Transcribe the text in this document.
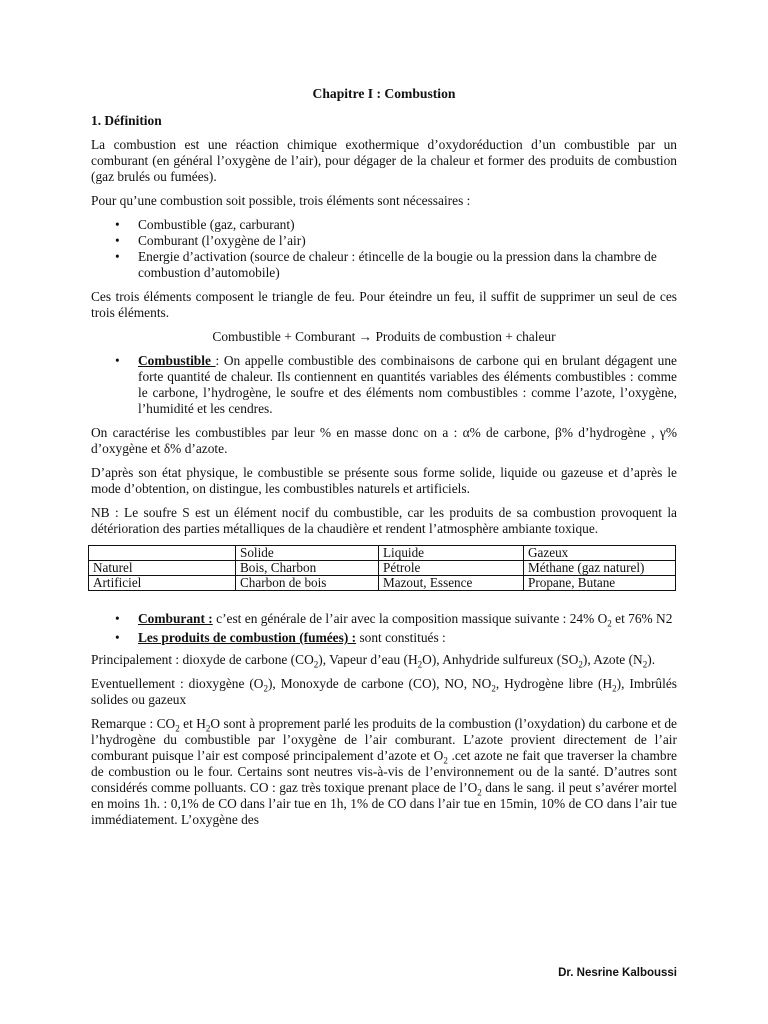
Chapitre I : Combustion
1. Définition

La combustion est une réaction chimique exothermique d’oxydoréduction d’un combustible par un comburant (en général l’oxygène de l’air), pour dégager de la chaleur et former des produits de combustion (gaz brulés ou fumées).

Pour qu’une combustion soit possible, trois éléments sont nécessaires :

• Combustible (gaz, carburant)
• Comburant (l’oxygène de l’air)
• Energie d’activation (source de chaleur : étincelle de la bougie ou la pression dans la chambre de combustion d’automobile)

Ces trois éléments composent le triangle de feu. Pour éteindre un feu, il suffit de supprimer un seul de ces trois éléments.

Combustible + Comburant → Produits de combustion + chaleur

• Combustible : On appelle combustible des combinaisons de carbone qui en brulant dégagent une forte quantité de chaleur. Ils contiennent en quantités variables des éléments combustibles : comme le carbone, l’hydrogène, le soufre et des éléments nom combustibles : comme l’azote, l’oxygène, l’humidité et les cendres.

On caractérise les combustibles par leur % en masse donc on a : α% de carbone, β% d’hydrogène , γ% d’oxygène et δ% d’azote.

D’après son état physique, le combustible se présente sous forme solide, liquide ou gazeuse et d’après le mode d’obtention, on distingue, les combustibles naturels et artificiels.

NB : Le soufre S est un élément nocif du combustible, car les produits de sa combustion provoquent la détérioration des parties métalliques de la chaudière et rendent l’atmosphère ambiante toxique.

	Solide	Liquide	Gazeux
Naturel	Bois, Charbon	Pétrole	Méthane (gaz naturel)
Artificiel	Charbon de bois	Mazout, Essence	Propane, Butane
• Comburant : c’est en générale de l’air avec la composition massique suivante : 24% $O_2$ et 76% N2
• Les produits de combustion (fumées) : sont constitués :

Principalement : dioxyde de carbone $(CO_2)$, Vapeur d’eau $(H_2O)$, Anhydride sulfureux $(SO_2)$, Azote $(N_2)$.

Eventuellement : dioxygène $(O_2)$, Monoxyde de carbone (CO), NO, $NO_2$, Hydrogène libre $(H_2)$, Imbrûlés solides ou gazeux

Remarque : $CO_2$ et $H_2O$ sont à proprement parlé les produits de la combustion (l’oxydation) du carbone et de l’hydrogène du combustible par l’oxygène de l’air comburant. L’azote provient directement de l’air comburant puisque l’air est composé principalement d’azote et $O_2$ .cet azote ne fait que traverser la chambre de combustion ou le four. Certains sont neutres vis-à-vis de l’environnement ou de la santé. D’autres sont considérés comme polluants. CO : gaz très toxique prenant place de $l’O_2$ dans le sang. il peut s’avérer mortel en moins 1h. : 0,1% de CO dans l’air tue en 1h, 1% de CO dans l’air tue en 15min, 10% de CO dans l’air tue immédiatement. L’oxygène des

Dr. Nesrine Kalboussi
